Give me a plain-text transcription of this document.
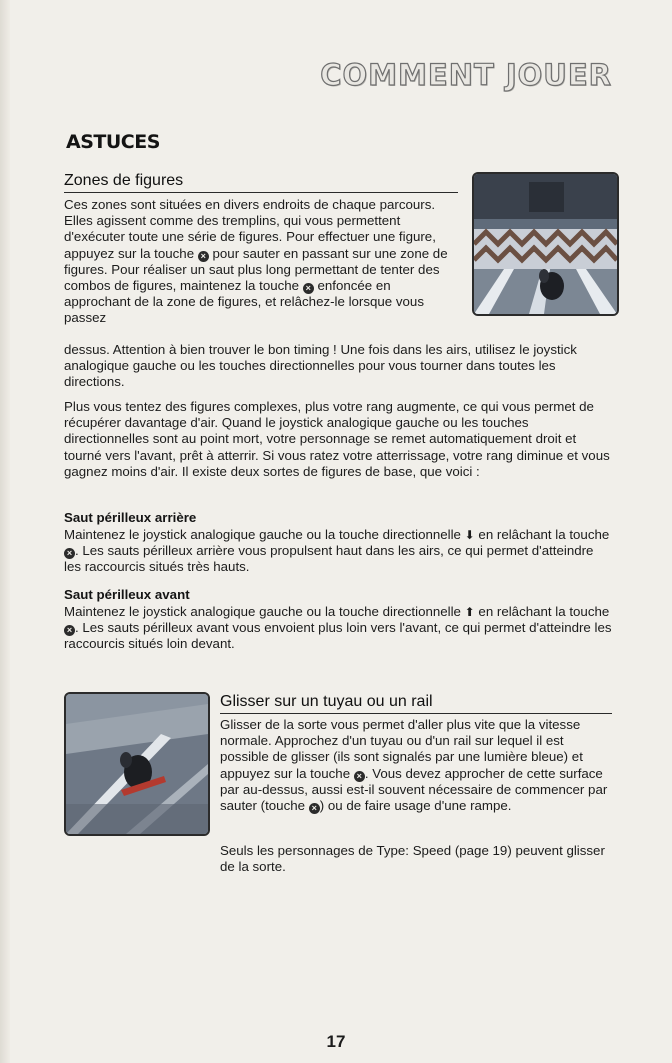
COMMENT JOUER
ASTUCES
Zones de figures

Ces zones sont situées en divers endroits de chaque parcours. Elles agissent comme des tremplins, qui vous permettent d'exécuter toute une série de figures. Pour effectuer une figure, appuyez sur la touche × pour sauter en passant sur une zone de figures. Pour réaliser un saut plus long permettant de tenter des combos de figures, maintenez la touche × enfoncée en approchant de la zone de figures, et relâchez-le lorsque vous passez

dessus. Attention à bien trouver le bon timing ! Une fois dans les airs, utilisez le joystick analogique gauche ou les touches directionnelles pour vous tourner dans toutes les directions.

Plus vous tentez des figures complexes, plus votre rang augmente, ce qui vous permet de récupérer davantage d'air. Quand le joystick analogique gauche ou les touches directionnelles sont au point mort, votre personnage se remet automatiquement droit et tourné vers l'avant, prêt à atterrir. Si vous ratez votre atterrissage, votre rang diminue et vous gagnez moins d'air. Il existe deux sortes de figures de base, que voici :

Saut périlleux arrière

Maintenez le joystick analogique gauche ou la touche directionnelle ⬇ en relâchant la touche × . Les sauts périlleux arrière vous propulsent haut dans les airs, ce qui permet d'atteindre les raccourcis situés très hauts.

Saut périlleux avant

Maintenez le joystick analogique gauche ou la touche directionnelle ⬆ en relâchant la touche × . Les sauts périlleux avant vous envoient plus loin vers l'avant, ce qui permet d'atteindre les raccourcis situés loin devant.

Glisser sur un tuyau ou un rail

Glisser de la sorte vous permet d'aller plus vite que la vitesse normale. Approchez d'un tuyau ou d'un rail sur lequel il est possible de glisser (ils sont signalés par une lumière bleue) et appuyez sur la touche × . Vous devez approcher de cette surface par au-dessus, aussi est-il souvent nécessaire de commencer par sauter (touche × ) ou de faire usage d'une rampe.

Seuls les personnages de Type: Speed (page 19) peuvent glisser de la sorte.

17
